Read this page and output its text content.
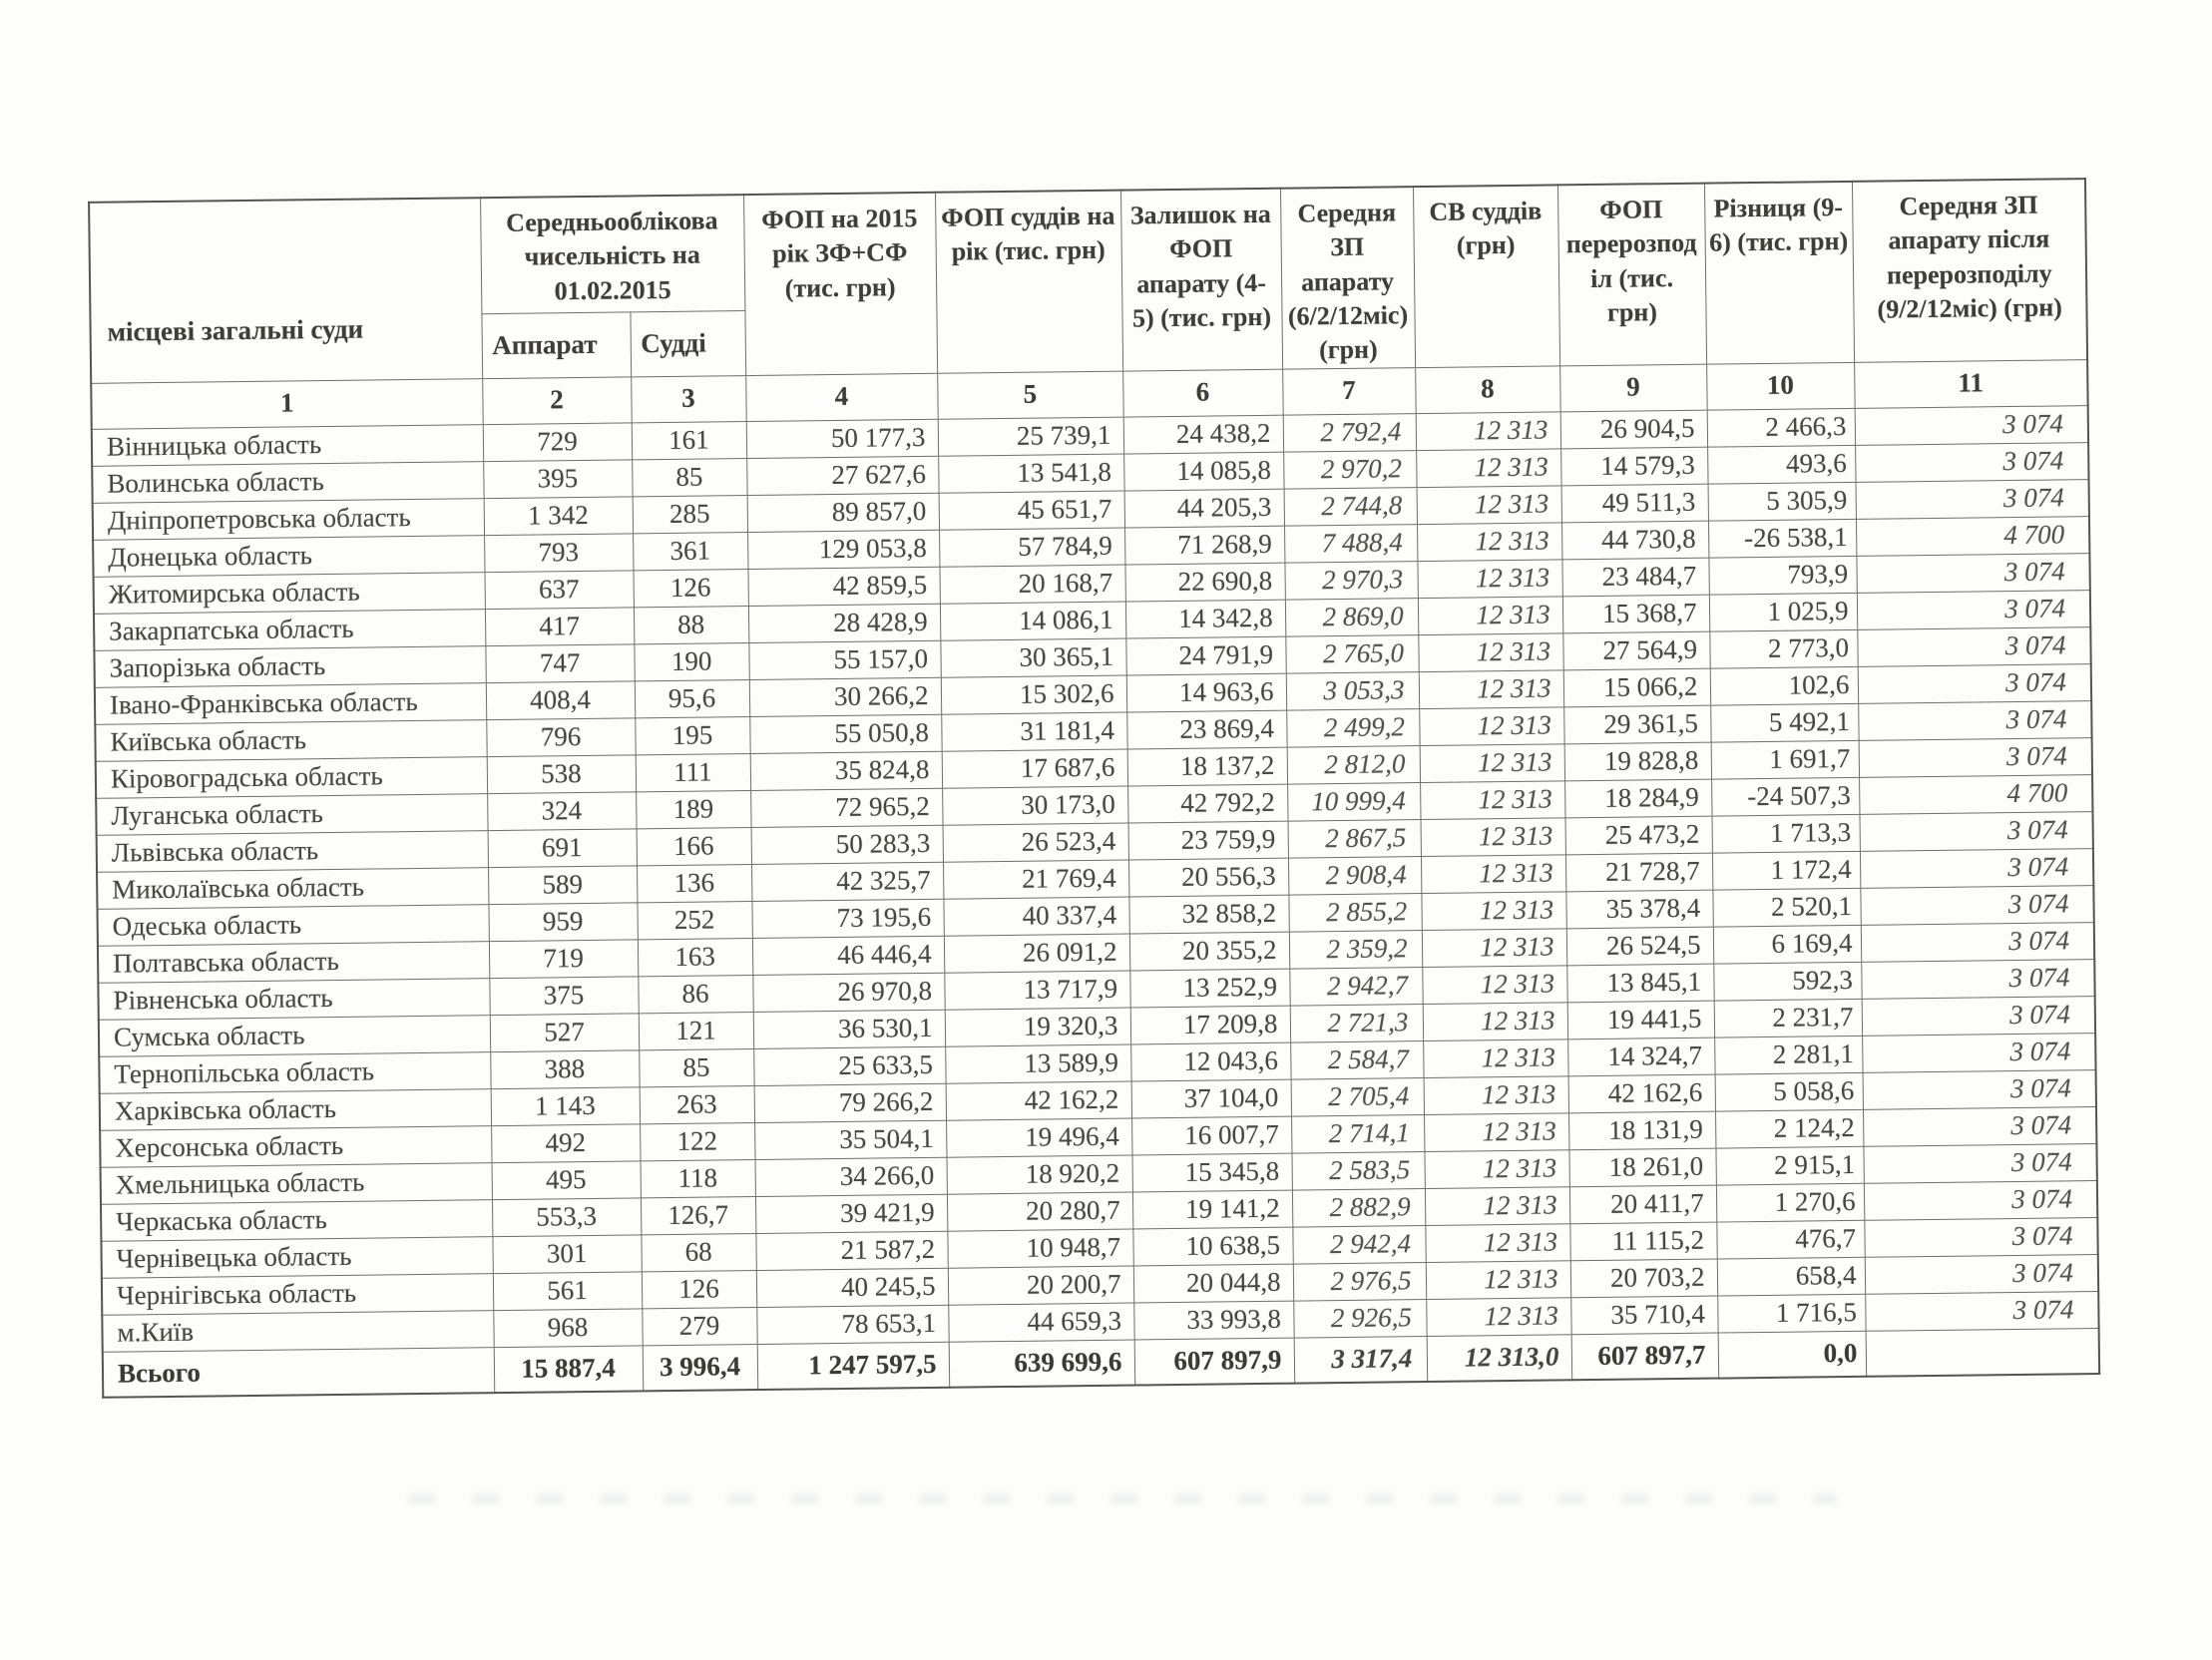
місцеві загальні суди	Середньооблікова чисельність на 01.02.2015		ФОП на 2015 рік ЗФ+СФ (тис. грн)	ФОП суддів на рік (тис. грн)	Залишок на ФОП апарату (4-5) (тис. грн)	Середня ЗП апарату (6/2/12міс) (грн)	СВ суддів (грн)	ФОП перерозподіл (тис. грн)	Різниця (9-6) (тис. грн)	Середня ЗП апарату після перерозподілу (9/2/12міс) (грн)
	Аппарат	Судді								
1	2	3	4	5	6	7	8	9	10	11
Вінницька область	729	161	50 177,3	25 739,1	24 438,2	2 792,4	12 313	26 904,5	2 466,3	3 074
Волинська область	395	85	27 627,6	13 541,8	14 085,8	2 970,2	12 313	14 579,3	493,6	3 074
Дніпропетровська область	1 342	285	89 857,0	45 651,7	44 205,3	2 744,8	12 313	49 511,3	5 305,9	3 074
Донецька область	793	361	129 053,8	57 784,9	71 268,9	7 488,4	12 313	44 730,8	-26 538,1	4 700
Житомирська область	637	126	42 859,5	20 168,7	22 690,8	2 970,3	12 313	23 484,7	793,9	3 074
Закарпатська область	417	88	28 428,9	14 086,1	14 342,8	2 869,0	12 313	15 368,7	1 025,9	3 074
Запорізька область	747	190	55 157,0	30 365,1	24 791,9	2 765,0	12 313	27 564,9	2 773,0	3 074
Івано-Франківська область	408,4	95,6	30 266,2	15 302,6	14 963,6	3 053,3	12 313	15 066,2	102,6	3 074
Київська область	796	195	55 050,8	31 181,4	23 869,4	2 499,2	12 313	29 361,5	5 492,1	3 074
Кіровоградська область	538	111	35 824,8	17 687,6	18 137,2	2 812,0	12 313	19 828,8	1 691,7	3 074
Луганська область	324	189	72 965,2	30 173,0	42 792,2	10 999,4	12 313	18 284,9	-24 507,3	4 700
Львівська область	691	166	50 283,3	26 523,4	23 759,9	2 867,5	12 313	25 473,2	1 713,3	3 074
Миколаївська область	589	136	42 325,7	21 769,4	20 556,3	2 908,4	12 313	21 728,7	1 172,4	3 074
Одеська область	959	252	73 195,6	40 337,4	32 858,2	2 855,2	12 313	35 378,4	2 520,1	3 074
Полтавська область	719	163	46 446,4	26 091,2	20 355,2	2 359,2	12 313	26 524,5	6 169,4	3 074
Рівненська область	375	86	26 970,8	13 717,9	13 252,9	2 942,7	12 313	13 845,1	592,3	3 074
Сумська область	527	121	36 530,1	19 320,3	17 209,8	2 721,3	12 313	19 441,5	2 231,7	3 074
Тернопільська область	388	85	25 633,5	13 589,9	12 043,6	2 584,7	12 313	14 324,7	2 281,1	3 074
Харківська область	1 143	263	79 266,2	42 162,2	37 104,0	2 705,4	12 313	42 162,6	5 058,6	3 074
Херсонська область	492	122	35 504,1	19 496,4	16 007,7	2 714,1	12 313	18 131,9	2 124,2	3 074
Хмельницька область	495	118	34 266,0	18 920,2	15 345,8	2 583,5	12 313	18 261,0	2 915,1	3 074
Черкаська область	553,3	126,7	39 421,9	20 280,7	19 141,2	2 882,9	12 313	20 411,7	1 270,6	3 074
Чернівецька область	301	68	21 587,2	10 948,7	10 638,5	2 942,4	12 313	11 115,2	476,7	3 074
Чернігівська область	561	126	40 245,5	20 200,7	20 044,8	2 976,5	12 313	20 703,2	658,4	3 074
м.Київ	968	279	78 653,1	44 659,3	33 993,8	2 926,5	12 313	35 710,4	1 716,5	3 074
Всього	15 887,4	3 996,4	1 247 597,5	639 699,6	607 897,9	3 317,4	12 313,0	607 897,7	0,0	
